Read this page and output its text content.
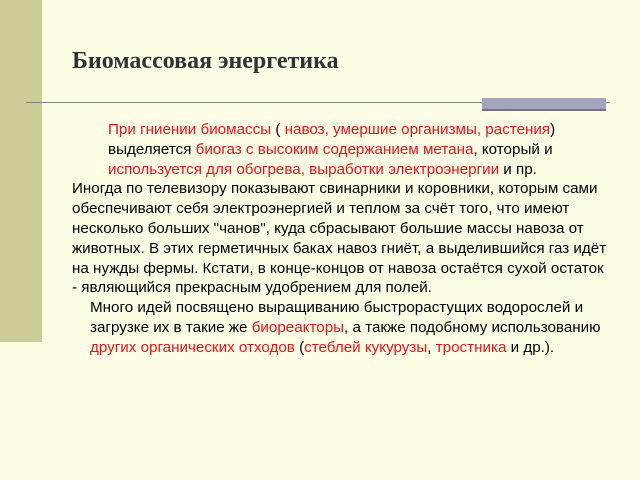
Биомассовая энергетика

При гниении биомассы ( навоз, умершие организмы, растения) выделяется биогаз с высоким содержанием метана, который и используется для обогрева, выработки электроэнергии и пр.

Иногда по телевизору показывают свинарники и коровники, которым сами обеспечивают себя электроэнергией и теплом за счёт того, что имеют несколько больших "чанов", куда сбрасывают большие массы навоза от животных. В этих герметичных баках навоз гниёт, а выделившийся газ идёт на нужды фермы. Кстати, в конце-концов от навоза остаётся сухой остаток - являющийся прекрасным удобрением для полей.

Много идей посвящено выращиванию быстрорастущих водорослей и загрузке их в такие же биореакторы, а также подобному использованию других органических отходов (стеблей кукурузы, тростника и др.).
